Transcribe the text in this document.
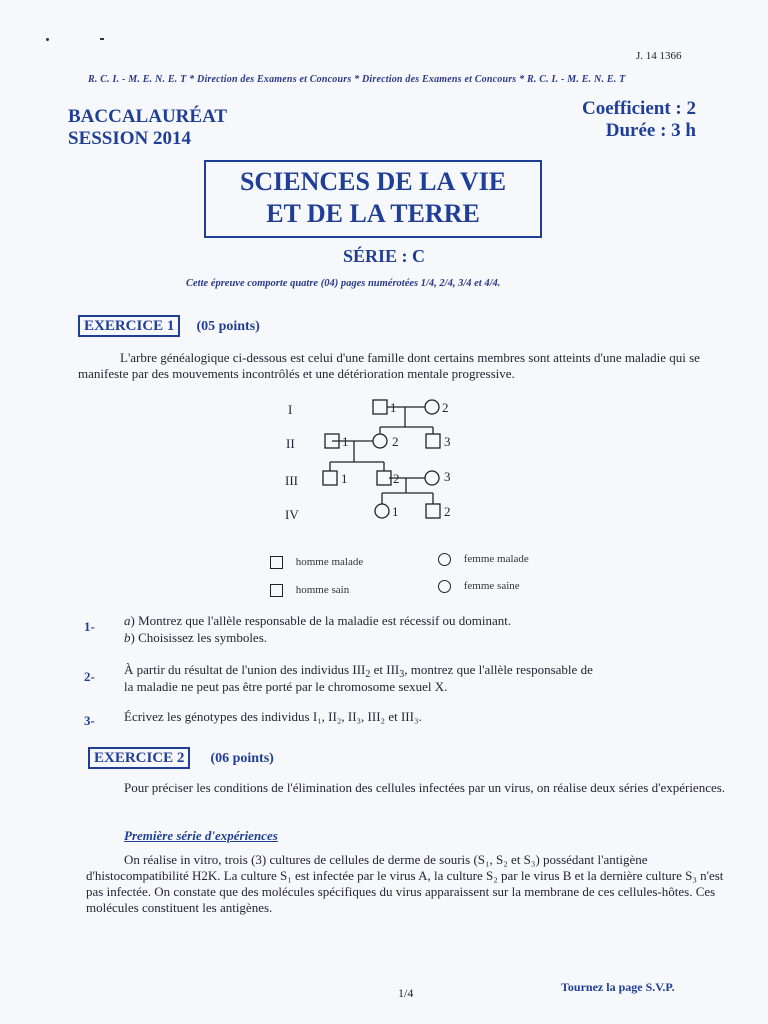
J. 14 1366
R. C. I. - M. E. N. E. T * Direction des Examens et Concours * Direction des Examens et Concours * R. C. I. - M. E. N. E. T
BACCALAURÉAT
SESSION 2014
Coefficient : 2
Durée : 3 h
SCIENCES DE LA VIE
ET DE LA TERRE
SÉRIE : C
Cette épreuve comporte quatre (04) pages numérotées 1/4, 2/4, 3/4 et 4/4.
EXERCICE 1 (05 points)
L'arbre généalogique ci-dessous est celui d'une famille dont certains membres sont atteints d'une maladie qui se manifeste par des mouvements incontrôlés et une détérioration mentale progressive.
I
II
III
IV
1	2
1	2	3
1	2	3
1	2
homme malade	femme malade
homme sain	femme saine
1- a) Montrez que l'allèle responsable de la maladie est récessif ou dominant.
b) Choisissez les symboles.
2- À partir du résultat de l'union des individus $III_2$ et $III_3$, montrez que l'allèle responsable de
la maladie ne peut pas être porté par le chromosome sexuel X.
3- Écrivez les génotypes des individus I₁, II₂, II₃, III₂ et III₃.
EXERCICE 2 (06 points)
Pour préciser les conditions de l'élimination des cellules infectées par un virus, on réalise deux séries d'expériences.
Première série d'expériences
On réalise in vitro, trois (3) cultures de cellules de derme de souris (S₁, S₂ et S₃) possédant l'antigène d'histocompatibilité H2K. La culture S₁ est infectée par le virus A, la culture S₂ par le virus B et la dernière culture S₃ n'est pas infectée. On constate que des molécules spécifiques du virus apparaissent sur la membrane de ces cellules-hôtes. Ces molécules constituent les antigènes.
1/4	Tournez la page S.V.P.
